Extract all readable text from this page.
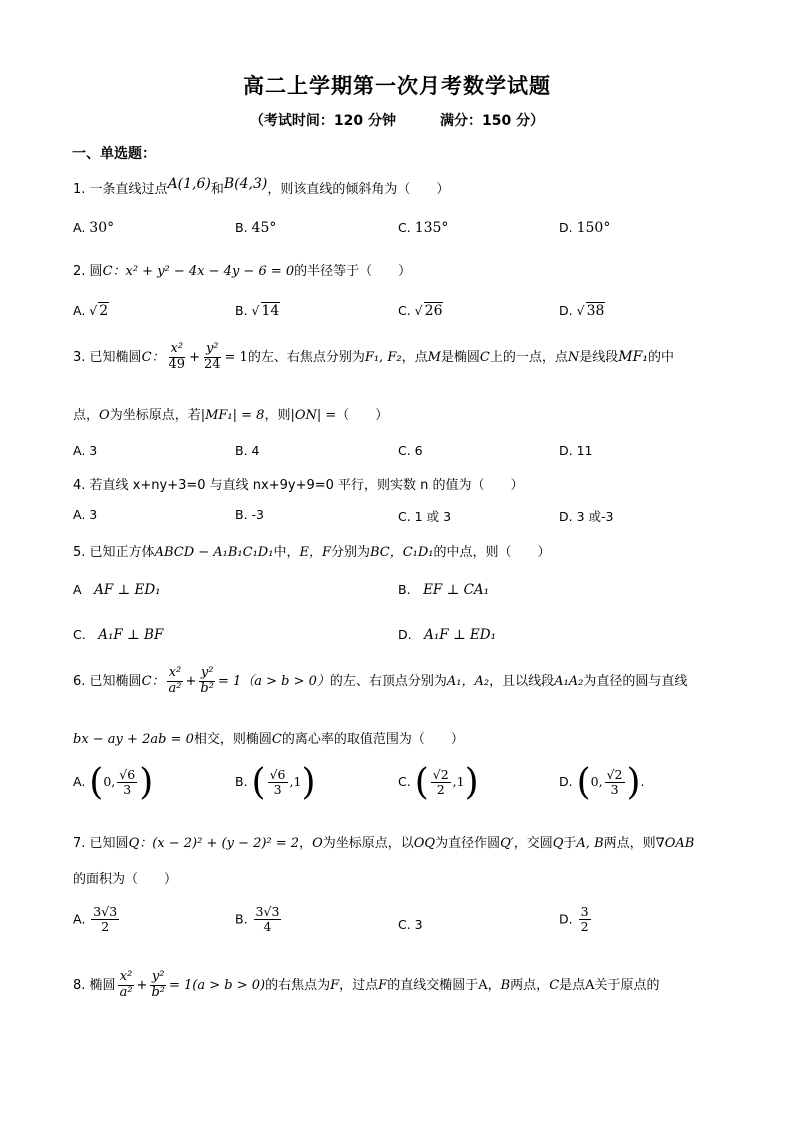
高二上学期第一次月考数学试题
（考试时间：120 分钟	满分：150 分）
一、单选题：
1. 一条直线过点A(1,6)和B(4,3)，则该直线的倾斜角为（　　）
A. 30°	B. 45°	C. 135°	D. 150°
2. 圆C：x² + y² − 4x − 4y − 6 = 0的半径等于（　　）
A. √ 2	B. √ 14	C. √ 26	D. √ 38
3. 已知椭圆C： $\frac{\text{x²}}{49} + \frac{\text{y²}}{24} = 1$的左、右焦点分别为F₁, F₂，点M是椭圆C上的一点，点N是线段MF₁的中
点，O为坐标原点，若|MF₁| = 8，则|ON| =（　　）
A. 3	B. 4	C. 6	D. 11
4. 若直线 x+ny+3=0 与直线 nx+9y+9=0 平行，则实数 n 的值为（　　）
A. 3	B. -3	C. 1 或 3	D. 3 或-3
5. 已知正方体ABCD − A₁B₁C₁D₁中，E，F分别为BC，C₁D₁的中点，则（　　）
A　 AF ⊥ ED₁	B.　 EF ⊥ CA₁
C.　 A₁F ⊥ BF	D.　 A₁F ⊥ ED₁
6. 已知椭圆C： $\frac{\text{x²}}{\text{a²}} + \frac{\text{y²}}{\text{b²}} = 1(a > b > 0)$的左、右顶点分别为A₁，A₂，且以线段A₁A₂为直径的圆与直线
bx − ay + 2ab = 0相交，则椭圆C的离心率的取值范围为（　　）
A. (0, $\frac{√6}{3}$ )	B. ( $\frac{√6}{3} ,1$)	C. ( $\frac{√2}{2} ,1$)	D. (0, $\frac{√2}{3}$ ).
7. 已知圆Q：(x − 2)² + (y − 2)² = 2，O为坐标原点，以OQ为直径作圆Q′，交圆Q于A, B两点，则∇OAB
的面积为（　　）
A. $\frac{3√3}{2}$	B. $\frac{3√3}{4}$	C. 3	D. $\frac{3}{2}$
8. 椭圆 $\frac{\text{x²}}{\text{a²}} + \frac{\text{y²}}{\text{b²}} = 1(a > b > 0)$的右焦点为F，过点F的直线交椭圆于A，B两点，C是点A关于原点的
